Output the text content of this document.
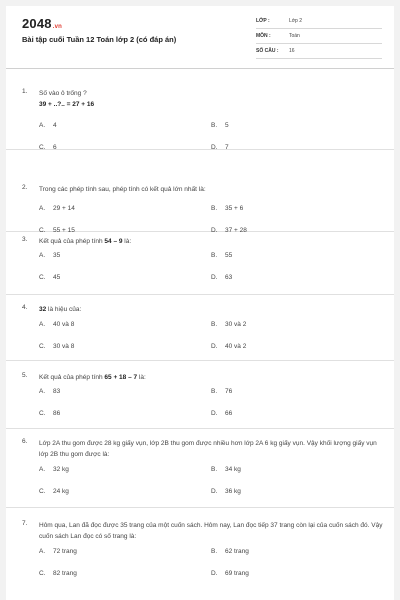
2048.vn
Bài tập cuối Tuần 12 Toán lớp 2 (có đáp án)
LỚP :	Lớp 2
MÔN :	Toán
SỐ CÂU : 16
1. Số vào ô trống ?
39 + ..?.. = 27 + 16
A. 4	B. 5
C. 6	D. 7
2. Trong các phép tính sau, phép tính có kết quả lớn nhất là:
A. 29 + 14	B. 35 + 6
C. 55 + 15	D. 37 + 28
3. Kết quả của phép tính 54 – 9 là:
A. 35	B. 55
C. 45	D. 63
4. 32 là hiệu của:
A. 40 và 8	B. 30 và 2
C. 30 và 8	D. 40 và 2
5. Kết quả của phép tính 65 + 18 – 7 là:
A. 83	B. 76
C. 86	D. 66
6. Lớp 2A thu gom được 28 kg giấy vụn, lớp 2B thu gom được nhiều hơn lớp 2A 6 kg giấy vụn. Vậy khối lượng giấy vụn lớp 2B thu gom được là:
A. 32 kg	B. 34 kg
C. 24 kg	D. 36 kg
7. Hôm qua, Lan đã đọc được 35 trang của một cuốn sách. Hôm nay, Lan đọc tiếp 37 trang còn lại của cuốn sách đó. Vậy cuốn sách Lan đọc có số trang là:
A. 72 trang	B. 62 trang
C. 82 trang	D. 69 trang
